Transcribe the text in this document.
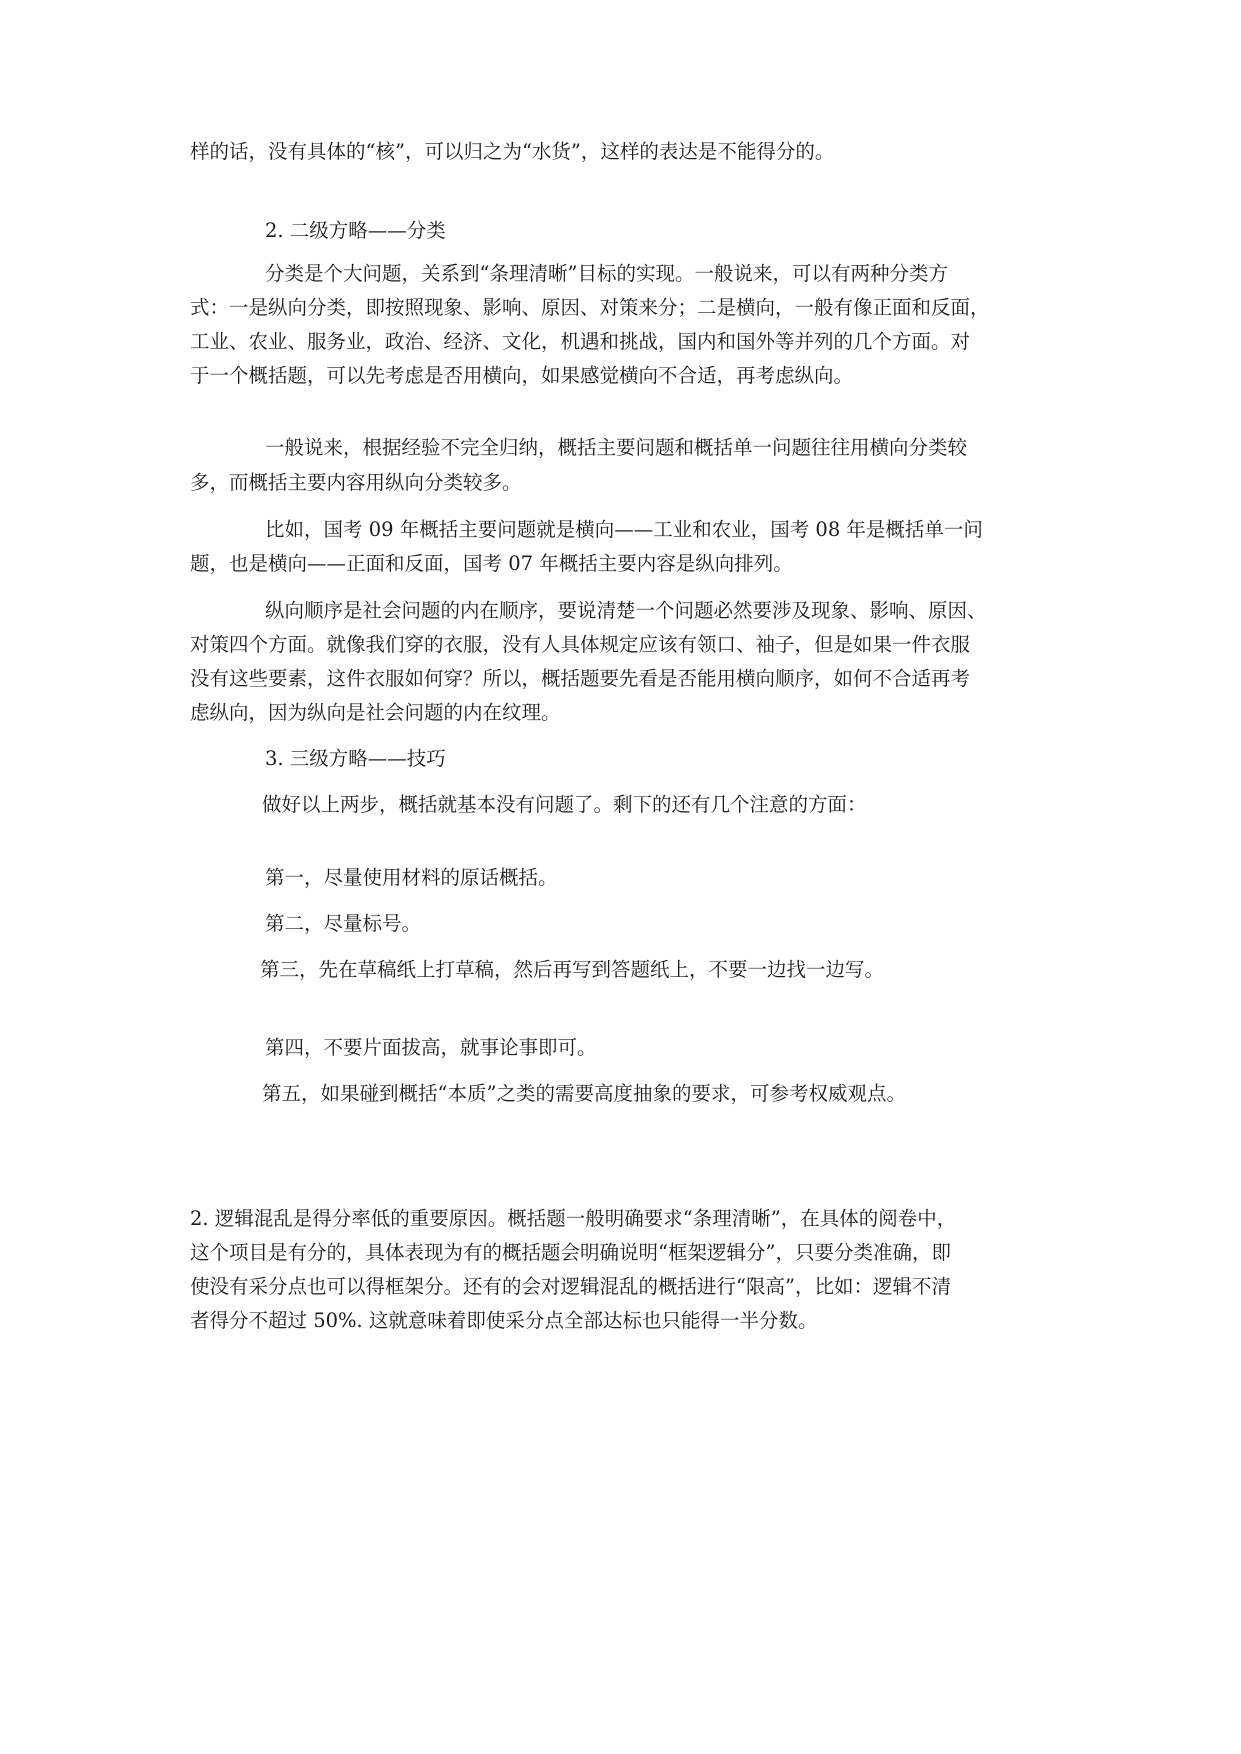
样的话，没有具体的“核”，可以归之为“水货”，这样的表达是不能得分的。
2. 二级方略——分类
分类是个大问题，关系到“条理清晰”目标的实现。一般说来，可以有两种分类方
式：一是纵向分类，即按照现象、影响、原因、对策来分；二是横向，一般有像正面和反面，
工业、农业、服务业，政治、经济、文化，机遇和挑战，国内和国外等并列的几个方面。对
于一个概括题，可以先考虑是否用横向，如果感觉横向不合适，再考虑纵向。
一般说来，根据经验不完全归纳，概括主要问题和概括单一问题往往用横向分类较
多，而概括主要内容用纵向分类较多。
比如，国考 09 年概括主要问题就是横向——工业和农业，国考 08 年是概括单一问
题，也是横向——正面和反面，国考 07 年概括主要内容是纵向排列。
纵向顺序是社会问题的内在顺序，要说清楚一个问题必然要涉及现象、影响、原因、
对策四个方面。就像我们穿的衣服，没有人具体规定应该有领口、袖子，但是如果一件衣服
没有这些要素，这件衣服如何穿？所以，概括题要先看是否能用横向顺序，如何不合适再考
虑纵向，因为纵向是社会问题的内在纹理。
3. 三级方略——技巧
做好以上两步，概括就基本没有问题了。剩下的还有几个注意的方面：
第一，尽量使用材料的原话概括。
第二，尽量标号。
第三，先在草稿纸上打草稿，然后再写到答题纸上，不要一边找一边写。
第四，不要片面拔高，就事论事即可。
第五，如果碰到概括“本质”之类的需要高度抽象的要求，可参考权威观点。
2. 逻辑混乱是得分率低的重要原因。概括题一般明确要求“条理清晰”，在具体的阅卷中，
这个项目是有分的，具体表现为有的概括题会明确说明“框架逻辑分”，只要分类准确，即
使没有采分点也可以得框架分。还有的会对逻辑混乱的概括进行“限高”，比如：逻辑不清
者得分不超过 50%. 这就意味着即使采分点全部达标也只能得一半分数。
